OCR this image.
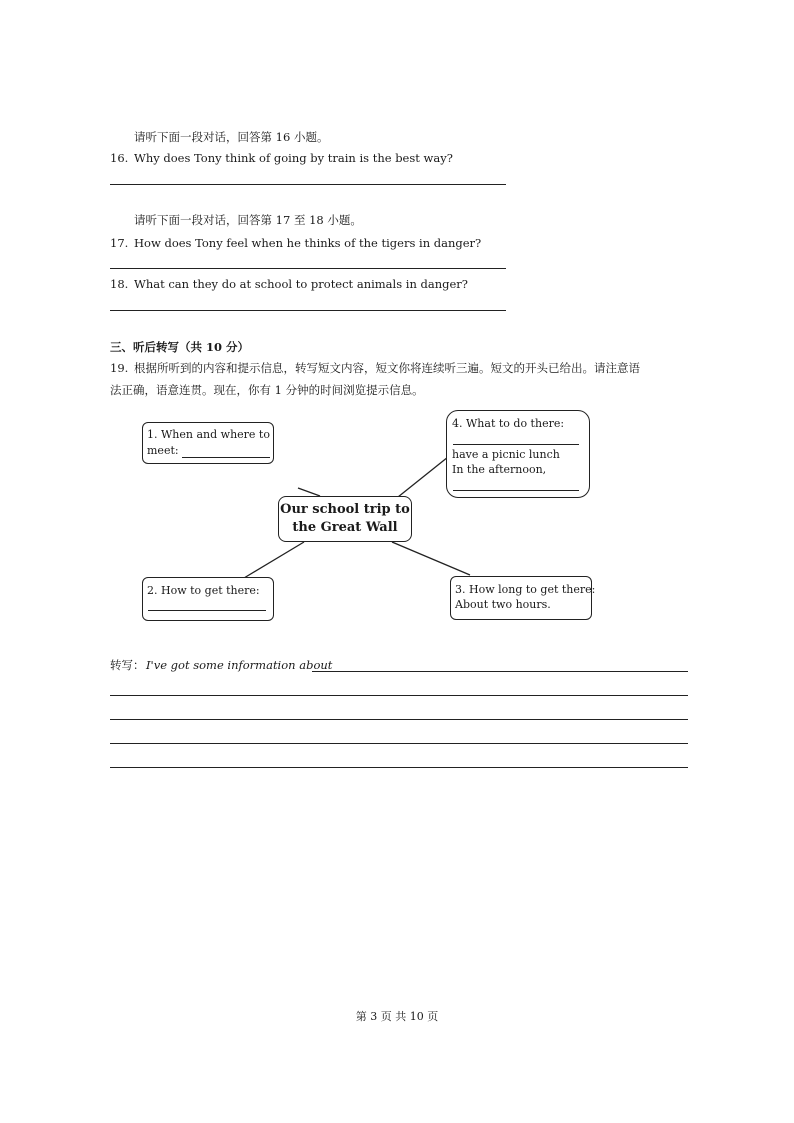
请听下面一段对话，回答第 16 小题。
16. Why does Tony think of going by train is the best way?
请听下面一段对话，回答第 17 至 18 小题。
17. How does Tony feel when he thinks of the tigers in danger?
18. What can they do at school to protect animals in danger?
三、听后转写（共 10 分）
19. 根据所听到的内容和提示信息，转写短文内容，短文你将连续听三遍。短文的开头已给出。请注意语
法正确，语意连贯。现在，你有 1 分钟的时间浏览提示信息。
1. When and where to
meet:
4. What to do there:
have a picnic lunch
In the afternoon,
Our school trip to
the Great Wall
2. How to get there:	3. How long to get there:
About two hours.
转写： I've got some information about
第 3 页 共 10 页
